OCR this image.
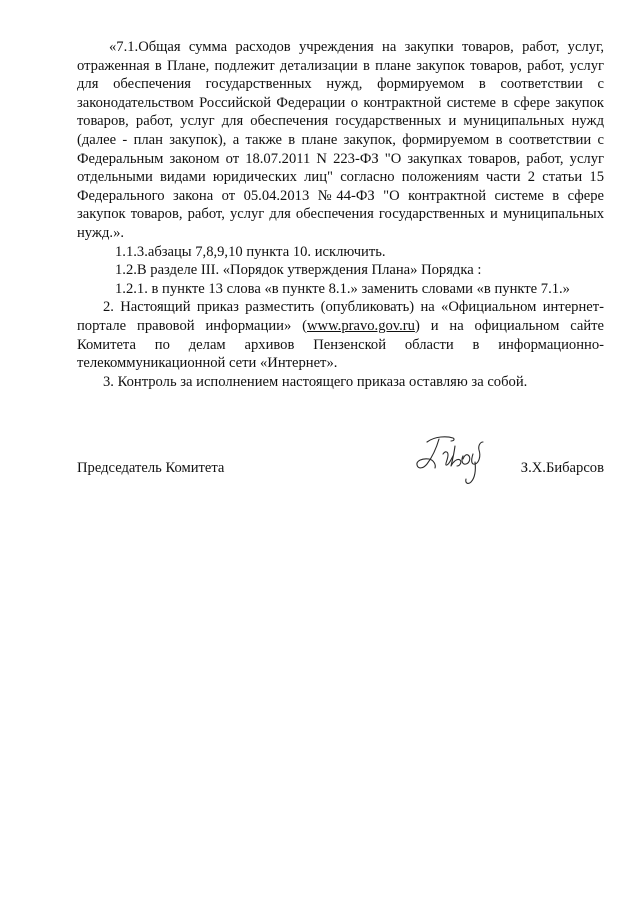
«7.1.Общая сумма расходов учреждения на закупки товаров, работ, услуг, отраженная в Плане, подлежит детализации в плане закупок товаров, работ, услуг для обеспечения государственных нужд, формируемом в соответствии с законодательством Российской Федерации о контрактной системе в сфере закупок товаров, работ, услуг для обеспечения государственных и муниципальных нужд (далее - план закупок), а также в плане закупок, формируемом в соответствии с Федеральным законом от 18.07.2011 N 223-ФЗ "О закупках товаров, работ, услуг отдельными видами юридических лиц" согласно положениям части 2 статьи 15 Федерального закона от 05.04.2013 №44-ФЗ "О контрактной системе в сфере закупок товаров, работ, услуг для обеспечения государственных и муниципальных нужд.».

1.1.3.абзацы 7,8,9,10 пункта 10. исключить.

1.2.В разделе III. «Порядок утверждения Плана» Порядка :

1.2.1. в пункте 13 слова «в пункте 8.1.» заменить словами «в пункте 7.1.»

2. Настоящий приказ разместить (опубликовать) на «Официальном интернет-портале правовой информации» (www.pravo.gov.ru) и на официальном сайте Комитета по делам архивов Пензенской области в информационно-телекоммуникационной сети «Интернет».

3. Контроль за исполнением настоящего приказа оставляю за собой.

Председатель Комитета	З.Х.Бибарсов
